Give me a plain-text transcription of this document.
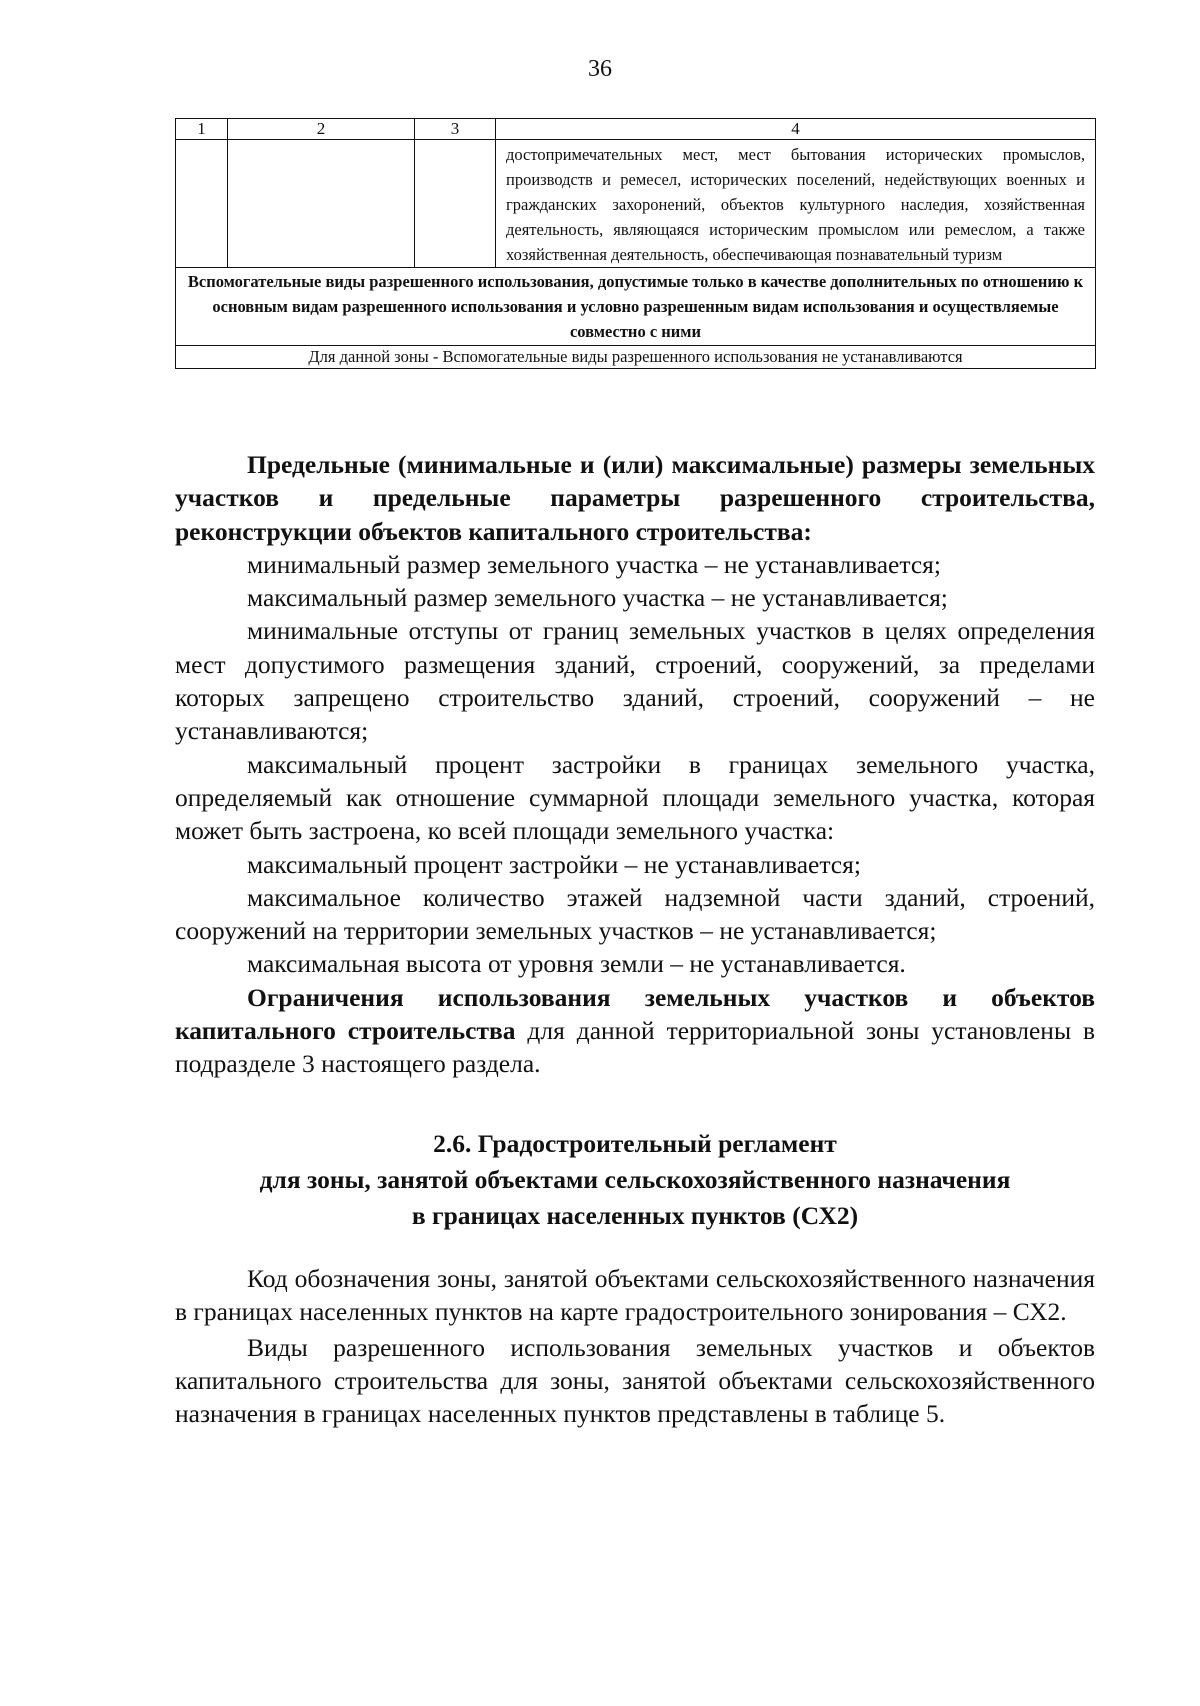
36
1	2	3	4
			достопримечательных мест, мест бытования исторических промыслов, производств и ремесел, исторических поселений, недействующих военных и гражданских захоронений, объектов культурного наследия, хозяйственная деятельность, являющаяся историческим промыслом или ремеслом, а также хозяйственная деятельность, обеспечивающая познавательный туризм
Вспомогательные виды разрешенного использования, допустимые только в качестве дополнительных по отношению к основным видам разрешенного использования и условно разрешенным видам использования и осуществляемые совместно с ними			
Для данной зоны - Вспомогательные виды разрешенного использования не устанавливаются			

Предельные (минимальные и (или) максимальные) размеры земельных участков и предельные параметры разрешенного строительства, реконструкции объектов капитального строительства:

минимальный размер земельного участка – не устанавливается;

максимальный размер земельного участка – не устанавливается;

минимальные отступы от границ земельных участков в целях определения мест допустимого размещения зданий, строений, сооружений, за пределами которых запрещено строительство зданий, строений, сооружений – не устанавливаются;

максимальный процент застройки в границах земельного участка, определяемый как отношение суммарной площади земельного участка, которая может быть застроена, ко всей площади земельного участка:

максимальный процент застройки – не устанавливается;

максимальное количество этажей надземной части зданий, строений, сооружений на территории земельных участков – не устанавливается;

максимальная высота от уровня земли – не устанавливается.

Ограничения использования земельных участков и объектов капитального строительства для данной территориальной зоны установлены в подразделе 3 настоящего раздела.

2.6. Градостроительный регламент
для зоны, занятой объектами сельскохозяйственного назначения
в границах населенных пунктов (СХ2)

Код обозначения зоны, занятой объектами сельскохозяйственного назначения в границах населенных пунктов на карте градостроительного зонирования – СХ2.

Виды разрешенного использования земельных участков и объектов капитального строительства для зоны, занятой объектами сельскохозяйственного назначения в границах населенных пунктов представлены в таблице 5.
